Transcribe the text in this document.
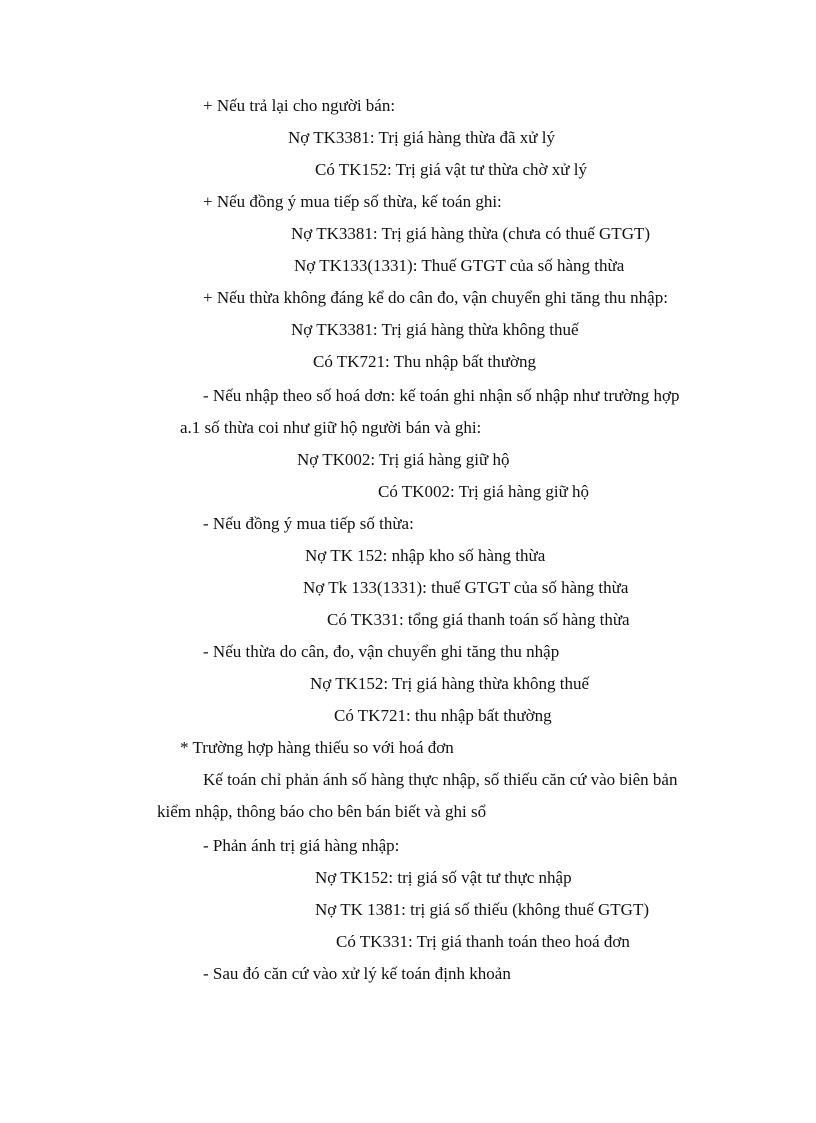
+ Nếu trả lại cho người bán:
Nợ TK3381: Trị giá hàng thừa đã xử lý
Có TK152: Trị giá vật tư thừa chờ xử lý
+ Nếu đồng ý mua tiếp số thừa, kế toán ghi:
Nợ TK3381: Trị giá hàng thừa (chưa có thuế GTGT)
Nợ TK133(1331): Thuế GTGT của số hàng thừa
+ Nếu thừa không đáng kể do cân đo, vận chuyển ghi tăng thu nhập:
Nợ TK3381: Trị giá hàng thừa không thuế
Có TK721: Thu nhập bất thường
- Nếu nhập theo số hoá dơn: kế toán ghi nhận số nhập như trường hợp
a.1 số thừa coi như giữ hộ người bán và ghi:
Nợ TK002: Trị giá hàng giữ hộ
Có TK002: Trị giá hàng giữ hộ
- Nếu đồng ý mua tiếp số thừa:
Nợ TK 152: nhập kho số hàng thừa
Nợ Tk 133(1331): thuế GTGT của số hàng thừa
Có TK331: tổng giá thanh toán số hàng thừa
- Nếu thừa do cân, đo, vận chuyển ghi tăng thu nhập
Nợ TK152: Trị giá hàng thừa không thuế
Có TK721: thu nhập bất thường
* Trường hợp hàng thiếu so với hoá đơn
Kế toán chỉ phản ánh số hàng thực nhập, số thiếu căn cứ vào biên bản
kiểm nhập, thông báo cho bên bán biết và ghi sổ
- Phản ánh trị giá hàng nhập:
Nợ TK152: trị giá số vật tư thực nhập
Nợ TK 1381: trị giá số thiếu (không thuế GTGT)
Có TK331: Trị giá thanh toán theo hoá đơn
- Sau đó căn cứ vào xử lý kế toán định khoản
